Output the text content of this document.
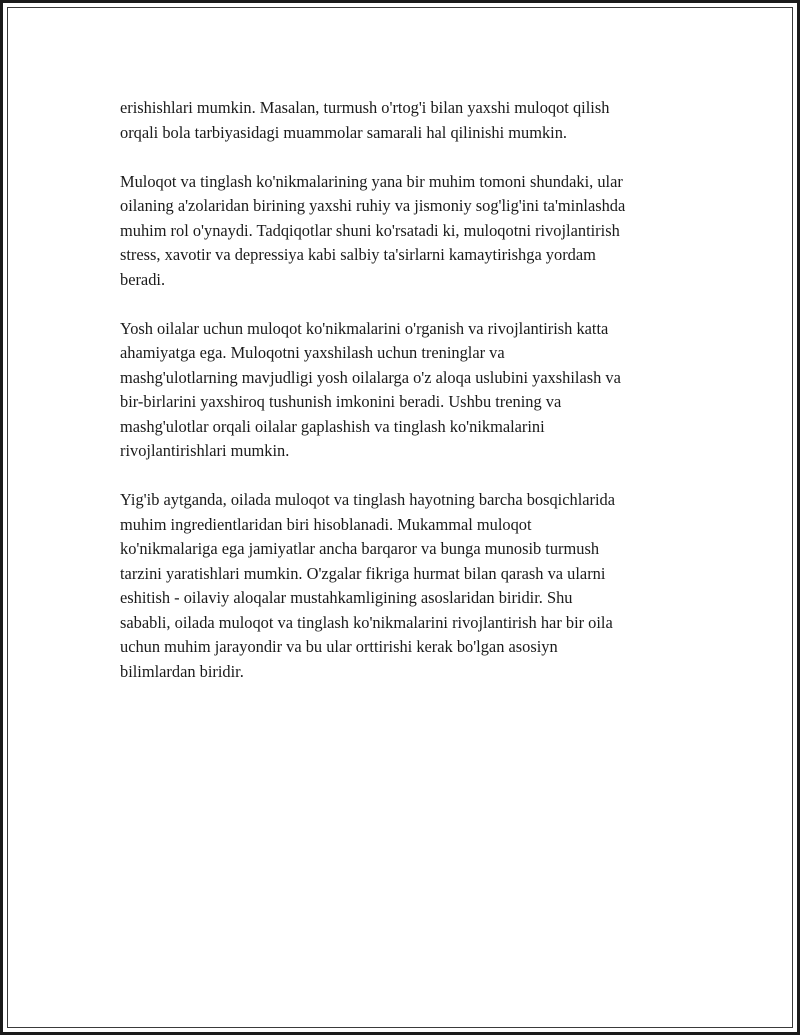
erishishlari mumkin. Masalan, turmush o'rtog'i bilan yaxshi muloqot qilish
orqali bola tarbiyasidagi muammolar samarali hal qilinishi mumkin.

Muloqot va tinglash ko'nikmalarining yana bir muhim tomoni shundaki, ular
oilaning a'zolaridan birining yaxshi ruhiy va jismoniy sog'lig'ini ta'minlashda
muhim rol o'ynaydi. Tadqiqotlar shuni ko'rsatadi ki, muloqotni rivojlantirish
stress, xavotir va depressiya kabi salbiy ta'sirlarni kamaytirishga yordam
beradi.

Yosh oilalar uchun muloqot ko'nikmalarini o'rganish va rivojlantirish katta
ahamiyatga ega. Muloqotni yaxshilash uchun treninglar va
mashg'ulotlarning mavjudligi yosh oilalarga o'z aloqa uslubini yaxshilash va
bir-birlarini yaxshiroq tushunish imkonini beradi. Ushbu trening va
mashg'ulotlar orqali oilalar gaplashish va tinglash ko'nikmalarini
rivojlantirishlari mumkin.

Yig'ib aytganda, oilada muloqot va tinglash hayotning barcha bosqichlarida
muhim ingredientlaridan biri hisoblanadi. Mukammal muloqot
ko'nikmalariga ega jamiyatlar ancha barqaror va bunga munosib turmush
tarzini yaratishlari mumkin. O'zgalar fikriga hurmat bilan qarash va ularni
eshitish - oilaviy aloqalar mustahkamligining asoslaridan biridir. Shu
sababli, oilada muloqot va tinglash ko'nikmalarini rivojlantirish har bir oila
uchun muhim jarayondir va bu ular orttirishi kerak bo'lgan asosiyn
bilimlardan biridir.
